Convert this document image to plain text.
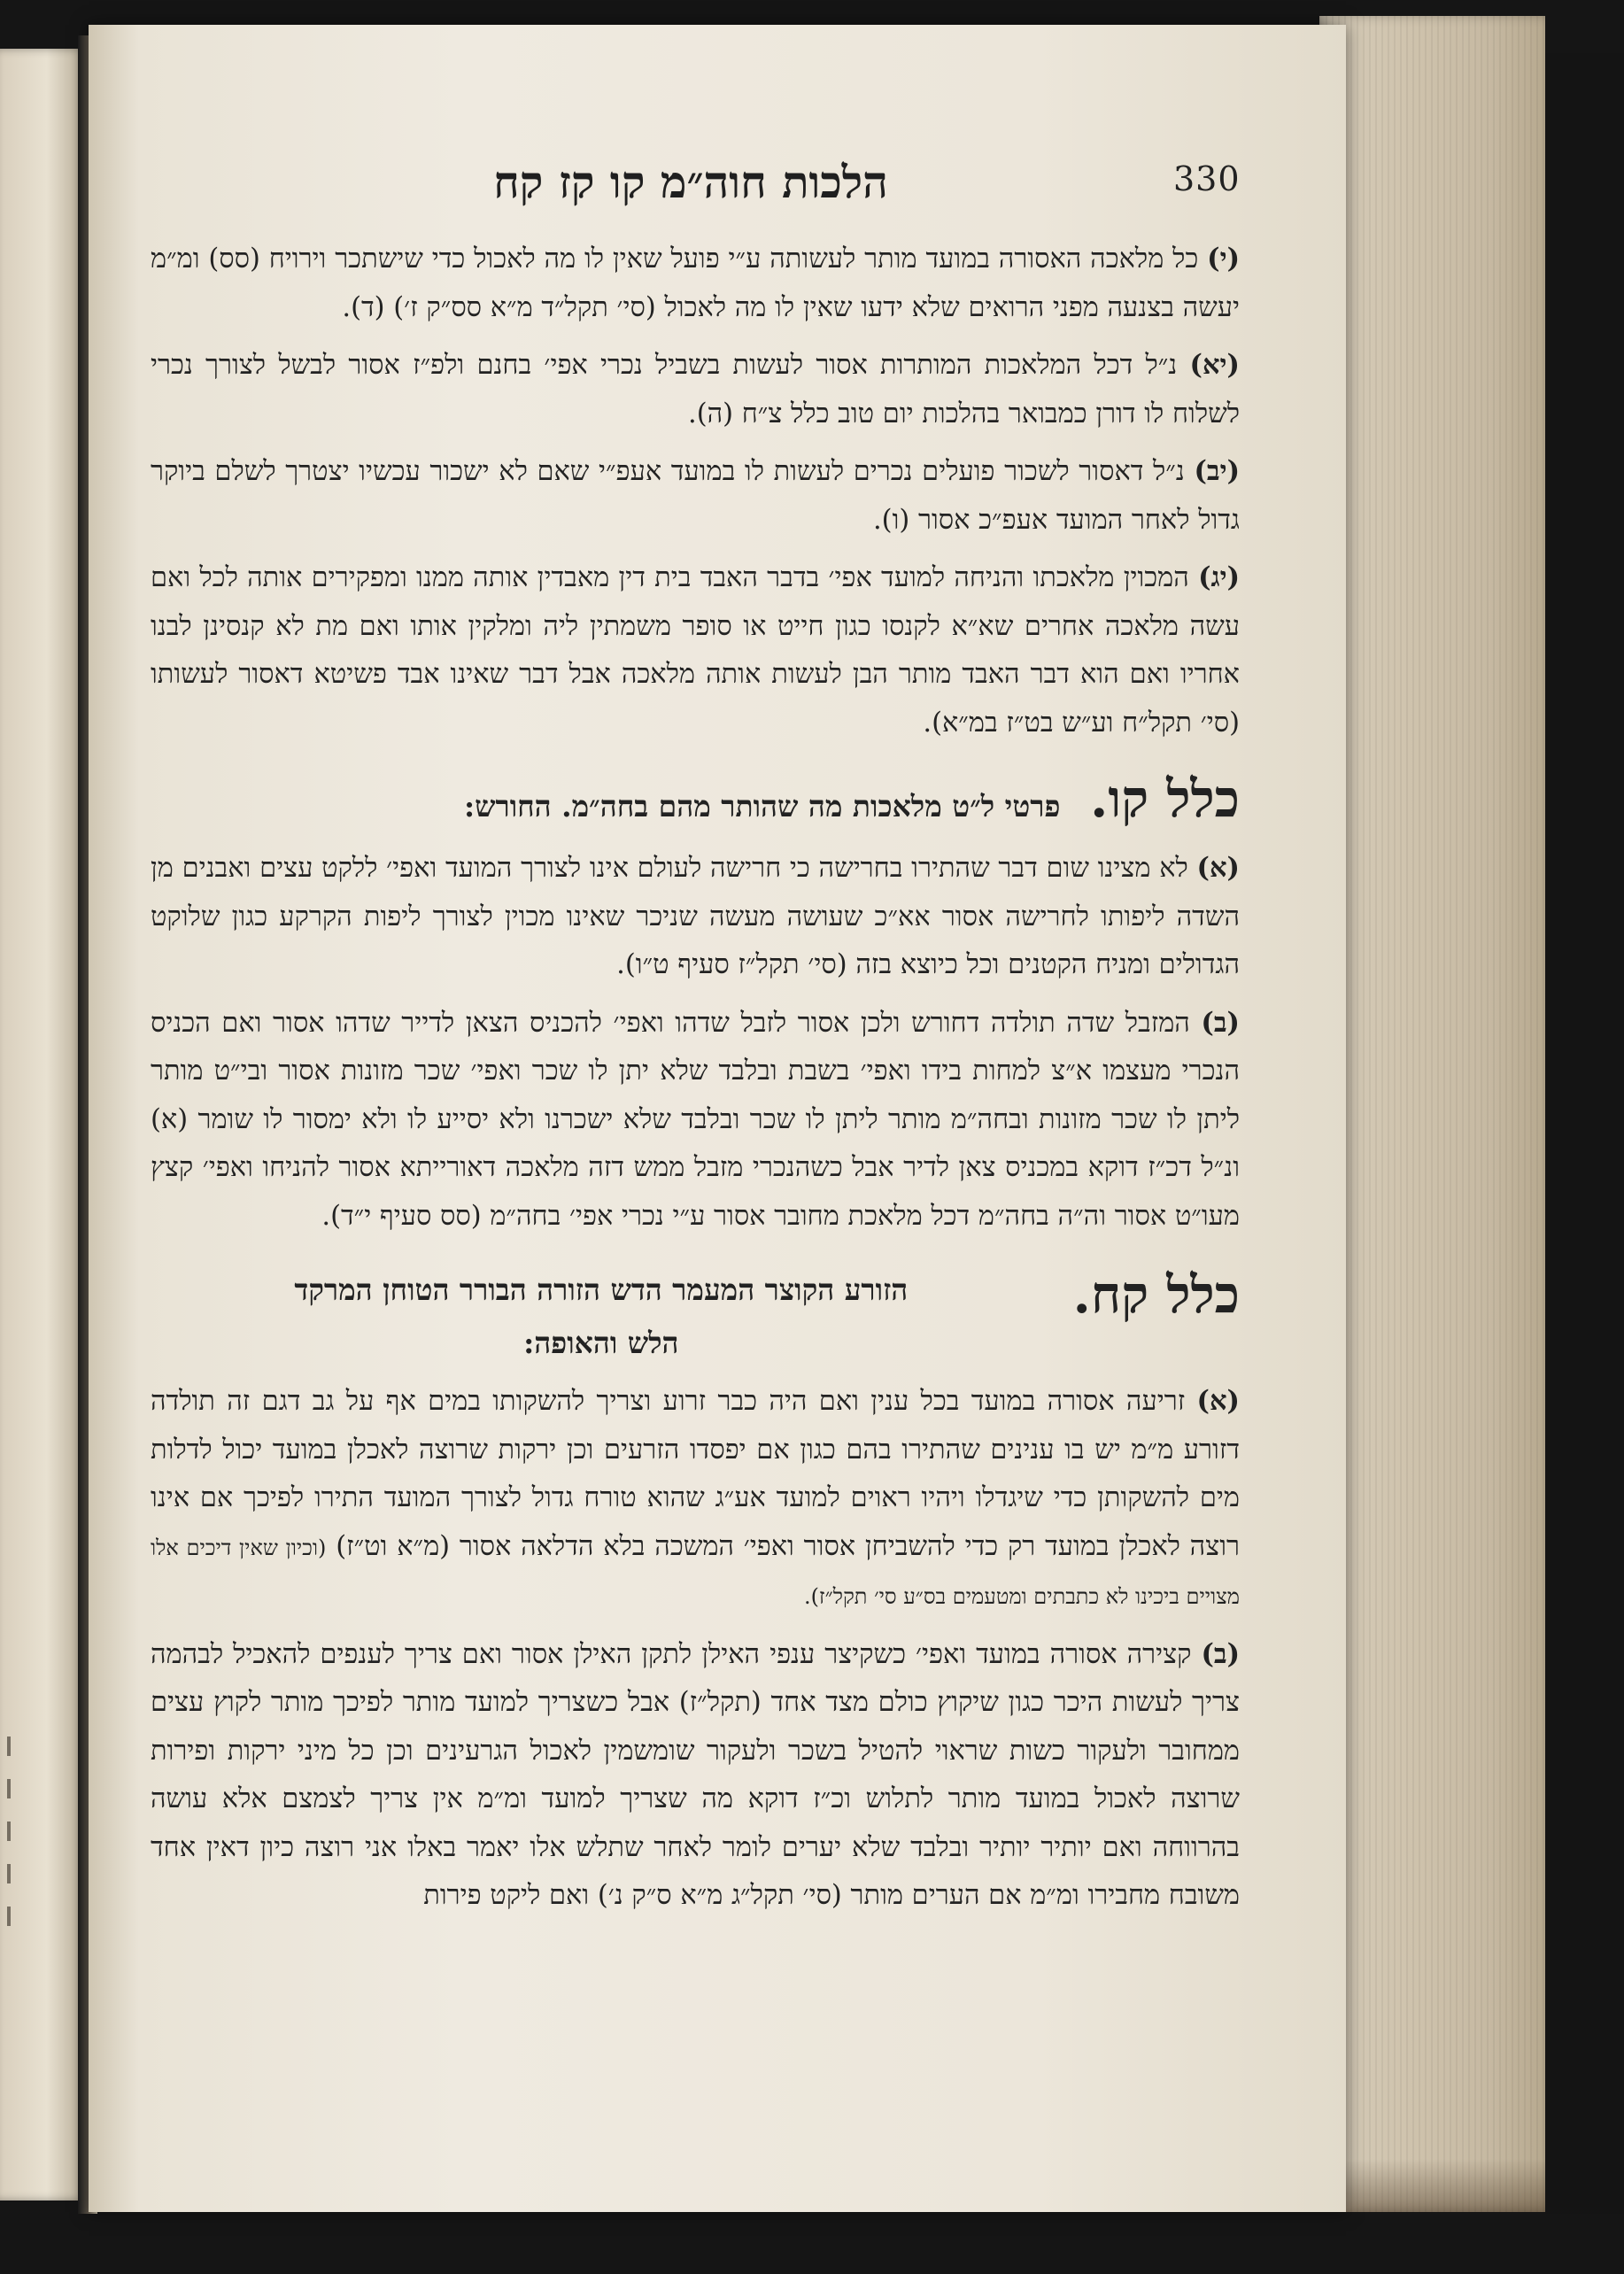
330
הלכות חוה״מ קו קז קח

(י) כל מלאכה האסורה במועד מותר לעשותה ע״י פועל שאין לו מה לאכול כדי שישתכר וירויח (סס) ומ״מ יעשה בצנעה מפני הרואים שלא ידעו שאין לו מה לאכול (סי׳ תקל״ד מ״א סס״ק ז׳) (ד).

(יא) נ״ל דכל המלאכות המותרות אסור לעשות בשביל נכרי אפי׳ בחנם ולפ״ז אסור לבשל לצורך נכרי לשלוח לו דורן כמבואר בהלכות יום טוב כלל צ״ח (ה).

(יב) נ״ל דאסור לשכור פועלים נכרים לעשות לו במועד אעפ״י שאם לא ישכור עכשיו יצטרך לשלם ביוקר גדול לאחר המועד אעפ״כ אסור (ו).

(יג) המכוין מלאכתו והניחה למועד אפי׳ בדבר האבד בית דין מאבדין אותה ממנו ומפקירים אותה לכל ואם עשה מלאכה אחרים שא״א לקנסו כגון חייט או סופר משמתין ליה ומלקין אותו ואם מת לא קנסינן לבנו אחריו ואם הוא דבר האבד מותר הבן לעשות אותה מלאכה אבל דבר שאינו אבד פשיטא דאסור לעשותו (סי׳ תקל״ח וע״ש בט״ז במ״א).

כלל קו. פרטי ל״ט מלאכות מה שהותר מהם בחה״מ. החורש:

(א) לא מצינו שום דבר שהתירו בחרישה כי חרישה לעולם אינו לצורך המועד ואפי׳ ללקט עצים ואבנים מן השדה ליפותו לחרישה אסור אא״כ שעושה מעשה שניכר שאינו מכוין לצורך ליפות הקרקע כגון שלוקט הגדולים ומניח הקטנים וכל כיוצא בזה (סי׳ תקל״ז סעיף ט״ו).

(ב) המזבל שדה תולדה דחורש ולכן אסור לזבל שדהו ואפי׳ להכניס הצאן לדייר שדהו אסור ואם הכניס הנכרי מעצמו א״צ למחות בידו ואפי׳ בשבת ובלבד שלא יתן לו שכר ואפי׳ שכר מזונות אסור ובי״ט מותר ליתן לו שכר מזונות ובחה״מ מותר ליתן לו שכר ובלבד שלא ישכרנו ולא יסייע לו ולא ימסור לו שומר (א) ונ״ל דכ״ז דוקא במכניס צאן לדיר אבל כשהנכרי מזבל ממש דזה מלאכה דאורייתא אסור להניחו ואפי׳ קצץ מעו״ט אסור וה״ה בחה״מ דכל מלאכת מחובר אסור ע״י נכרי אפי׳ בחה״מ (סס סעיף י״ד).

כלל קח.
הזורע הקוצר המעמר הדש הזורה הבורר הטוחן המרקד
הלש והאופה:

(א) זריעה אסורה במועד בכל ענין ואם היה כבר זרוע וצריך להשקותו במים אף על גב דגם זה תולדה דזורע מ״מ יש בו ענינים שהתירו בהם כגון אם יפסדו הזרעים וכן ירקות שרוצה לאכלן במועד יכול לדלות מים להשקותן כדי שיגדלו ויהיו ראוים למועד אע״ג שהוא טורח גדול לצורך המועד התירו לפיכך אם אינו רוצה לאכלן במועד רק כדי להשביחן אסור ואפי׳ המשכה בלא הדלאה אסור (מ״א וט״ז) (וכיון שאין דיכים אלו מצויים ביכינו לא כתבתים ומטעמים בס״ע סי׳ תקל״ז).

(ב) קצירה אסורה במועד ואפי׳ כשקיצר ענפי האילן לתקן האילן אסור ואם צריך לענפים להאכיל לבהמה צריך לעשות היכר כגון שיקוץ כולם מצד אחד (תקל״ז) אבל כשצריך למועד מותר לפיכך מותר לקוץ עצים ממחובר ולעקור כשות שראוי להטיל בשכר ולעקור שומשמין לאכול הגרעינים וכן כל מיני ירקות ופירות שרוצה לאכול במועד מותר לתלוש וכ״ז דוקא מה שצריך למועד ומ״מ אין צריך לצמצם אלא עושה בהרווחה ואם יותיר יותיר ובלבד שלא יערים לומר לאחר שתלש אלו יאמר באלו אני רוצה כיון דאין אחד משובח מחבירו ומ״מ אם הערים מותר (סי׳ תקל״ג מ״א ס״ק נ׳) ואם ליקט פירות
